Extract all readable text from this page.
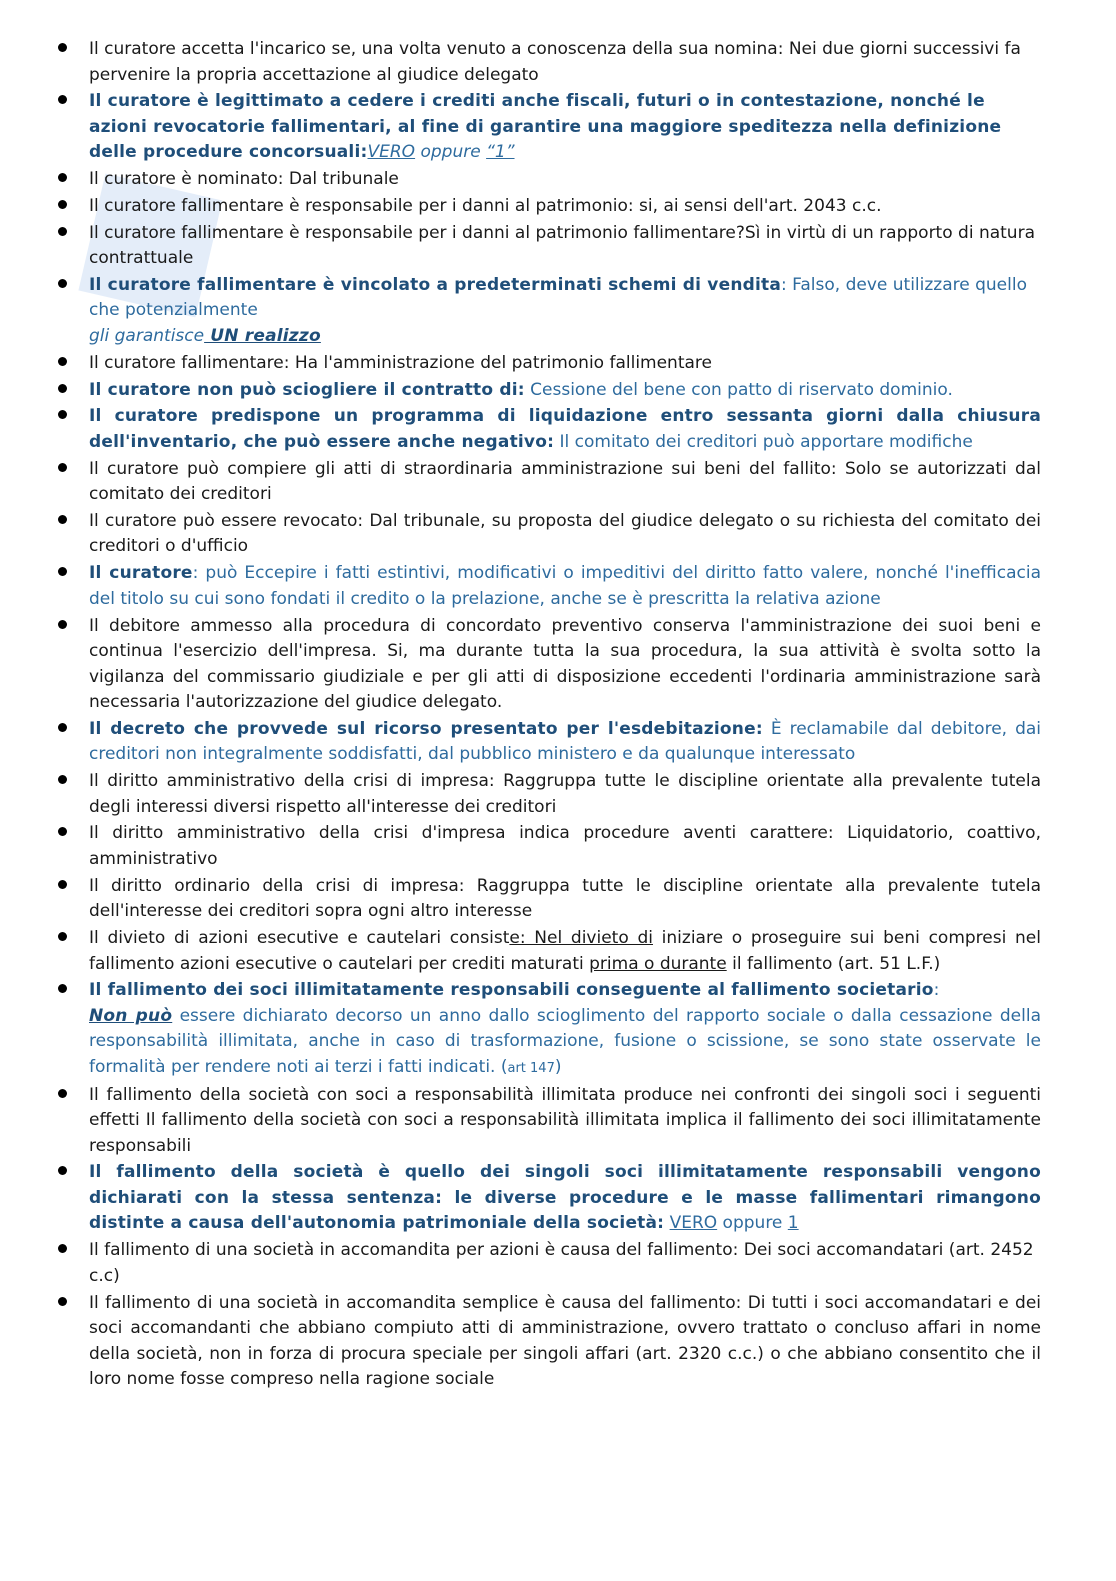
Il curatore accetta l'incarico se, una volta venuto a conoscenza della sua nomina: Nei due giorni successivi fa pervenire la propria accettazione al giudice delegato
Il curatore è legittimato a cedere i crediti anche fiscali, futuri o in contestazione, nonché le azioni revocatorie fallimentari, al fine di garantire una maggiore speditezza nella definizione delle procedure concorsuali:VERO oppure “1”
Il curatore è nominato: Dal tribunale
Il curatore fallimentare è responsabile per i danni al patrimonio: si, ai sensi dell'art. 2043 c.c.
Il curatore fallimentare è responsabile per i danni al patrimonio fallimentare?Sì in virtù di un rapporto di natura contrattuale
Il curatore fallimentare è vincolato a predeterminati schemi di vendita: Falso, deve utilizzare quello che potenzialmente
gli garantisce UN realizzo
Il curatore fallimentare: Ha l'amministrazione del patrimonio fallimentare
Il curatore non può sciogliere il contratto di: Cessione del bene con patto di riservato dominio.
Il curatore predispone un programma di liquidazione entro sessanta giorni dalla chiusura dell'inventario, che può essere anche negativo: Il comitato dei creditori può apportare modifiche
Il curatore può compiere gli atti di straordinaria amministrazione sui beni del fallito: Solo se autorizzati dal comitato dei creditori
Il curatore può essere revocato: Dal tribunale, su proposta del giudice delegato o su richiesta del comitato dei creditori o d'ufficio
Il curatore: può Eccepire i fatti estintivi, modificativi o impeditivi del diritto fatto valere, nonché l'inefficacia del titolo su cui sono fondati il credito o la prelazione, anche se è prescritta la relativa azione
Il debitore ammesso alla procedura di concordato preventivo conserva l'amministrazione dei suoi beni e continua l'esercizio dell'impresa. Si, ma durante tutta la sua procedura, la sua attività è svolta sotto la vigilanza del commissario giudiziale e per gli atti di disposizione eccedenti l'ordinaria amministrazione sarà necessaria l'autorizzazione del giudice delegato.
Il decreto che provvede sul ricorso presentato per l'esdebitazione: È reclamabile dal debitore, dai creditori non integralmente soddisfatti, dal pubblico ministero e da qualunque interessato
Il diritto amministrativo della crisi di impresa: Raggruppa tutte le discipline orientate alla prevalente tutela degli interessi diversi rispetto all'interesse dei creditori
Il diritto amministrativo della crisi d'impresa indica procedure aventi carattere: Liquidatorio, coattivo, amministrativo
Il diritto ordinario della crisi di impresa: Raggruppa tutte le discipline orientate alla prevalente tutela dell'interesse dei creditori sopra ogni altro interesse
Il divieto di azioni esecutive e cautelari consiste: Nel divieto di iniziare o proseguire sui beni compresi nel fallimento azioni esecutive o cautelari per crediti maturati prima o durante il fallimento (art. 51 L.F.)
Il fallimento dei soci illimitatamente responsabili conseguente al fallimento societario:
Non può essere dichiarato decorso un anno dallo scioglimento del rapporto sociale o dalla cessazione della responsabilità illimitata, anche in caso di trasformazione, fusione o scissione, se sono state osservate le formalità per rendere noti ai terzi i fatti indicati. (art 147)
Il fallimento della società con soci a responsabilità illimitata produce nei confronti dei singoli soci i seguenti effetti Il fallimento della società con soci a responsabilità illimitata implica il fallimento dei soci illimitatamente responsabili
Il fallimento della società è quello dei singoli soci illimitatamente responsabili vengono dichiarati con la stessa sentenza: le diverse procedure e le masse fallimentari rimangono distinte a causa dell'autonomia patrimoniale della società: VERO oppure 1
Il fallimento di una società in accomandita per azioni è causa del fallimento: Dei soci accomandatari (art. 2452 c.c)
Il fallimento di una società in accomandita semplice è causa del fallimento: Di tutti i soci accomandatari e dei soci accomandanti che abbiano compiuto atti di amministrazione, ovvero trattato o concluso affari in nome della società, non in forza di procura speciale per singoli affari (art. 2320 c.c.) o che abbiano consentito che il loro nome fosse compreso nella ragione sociale
